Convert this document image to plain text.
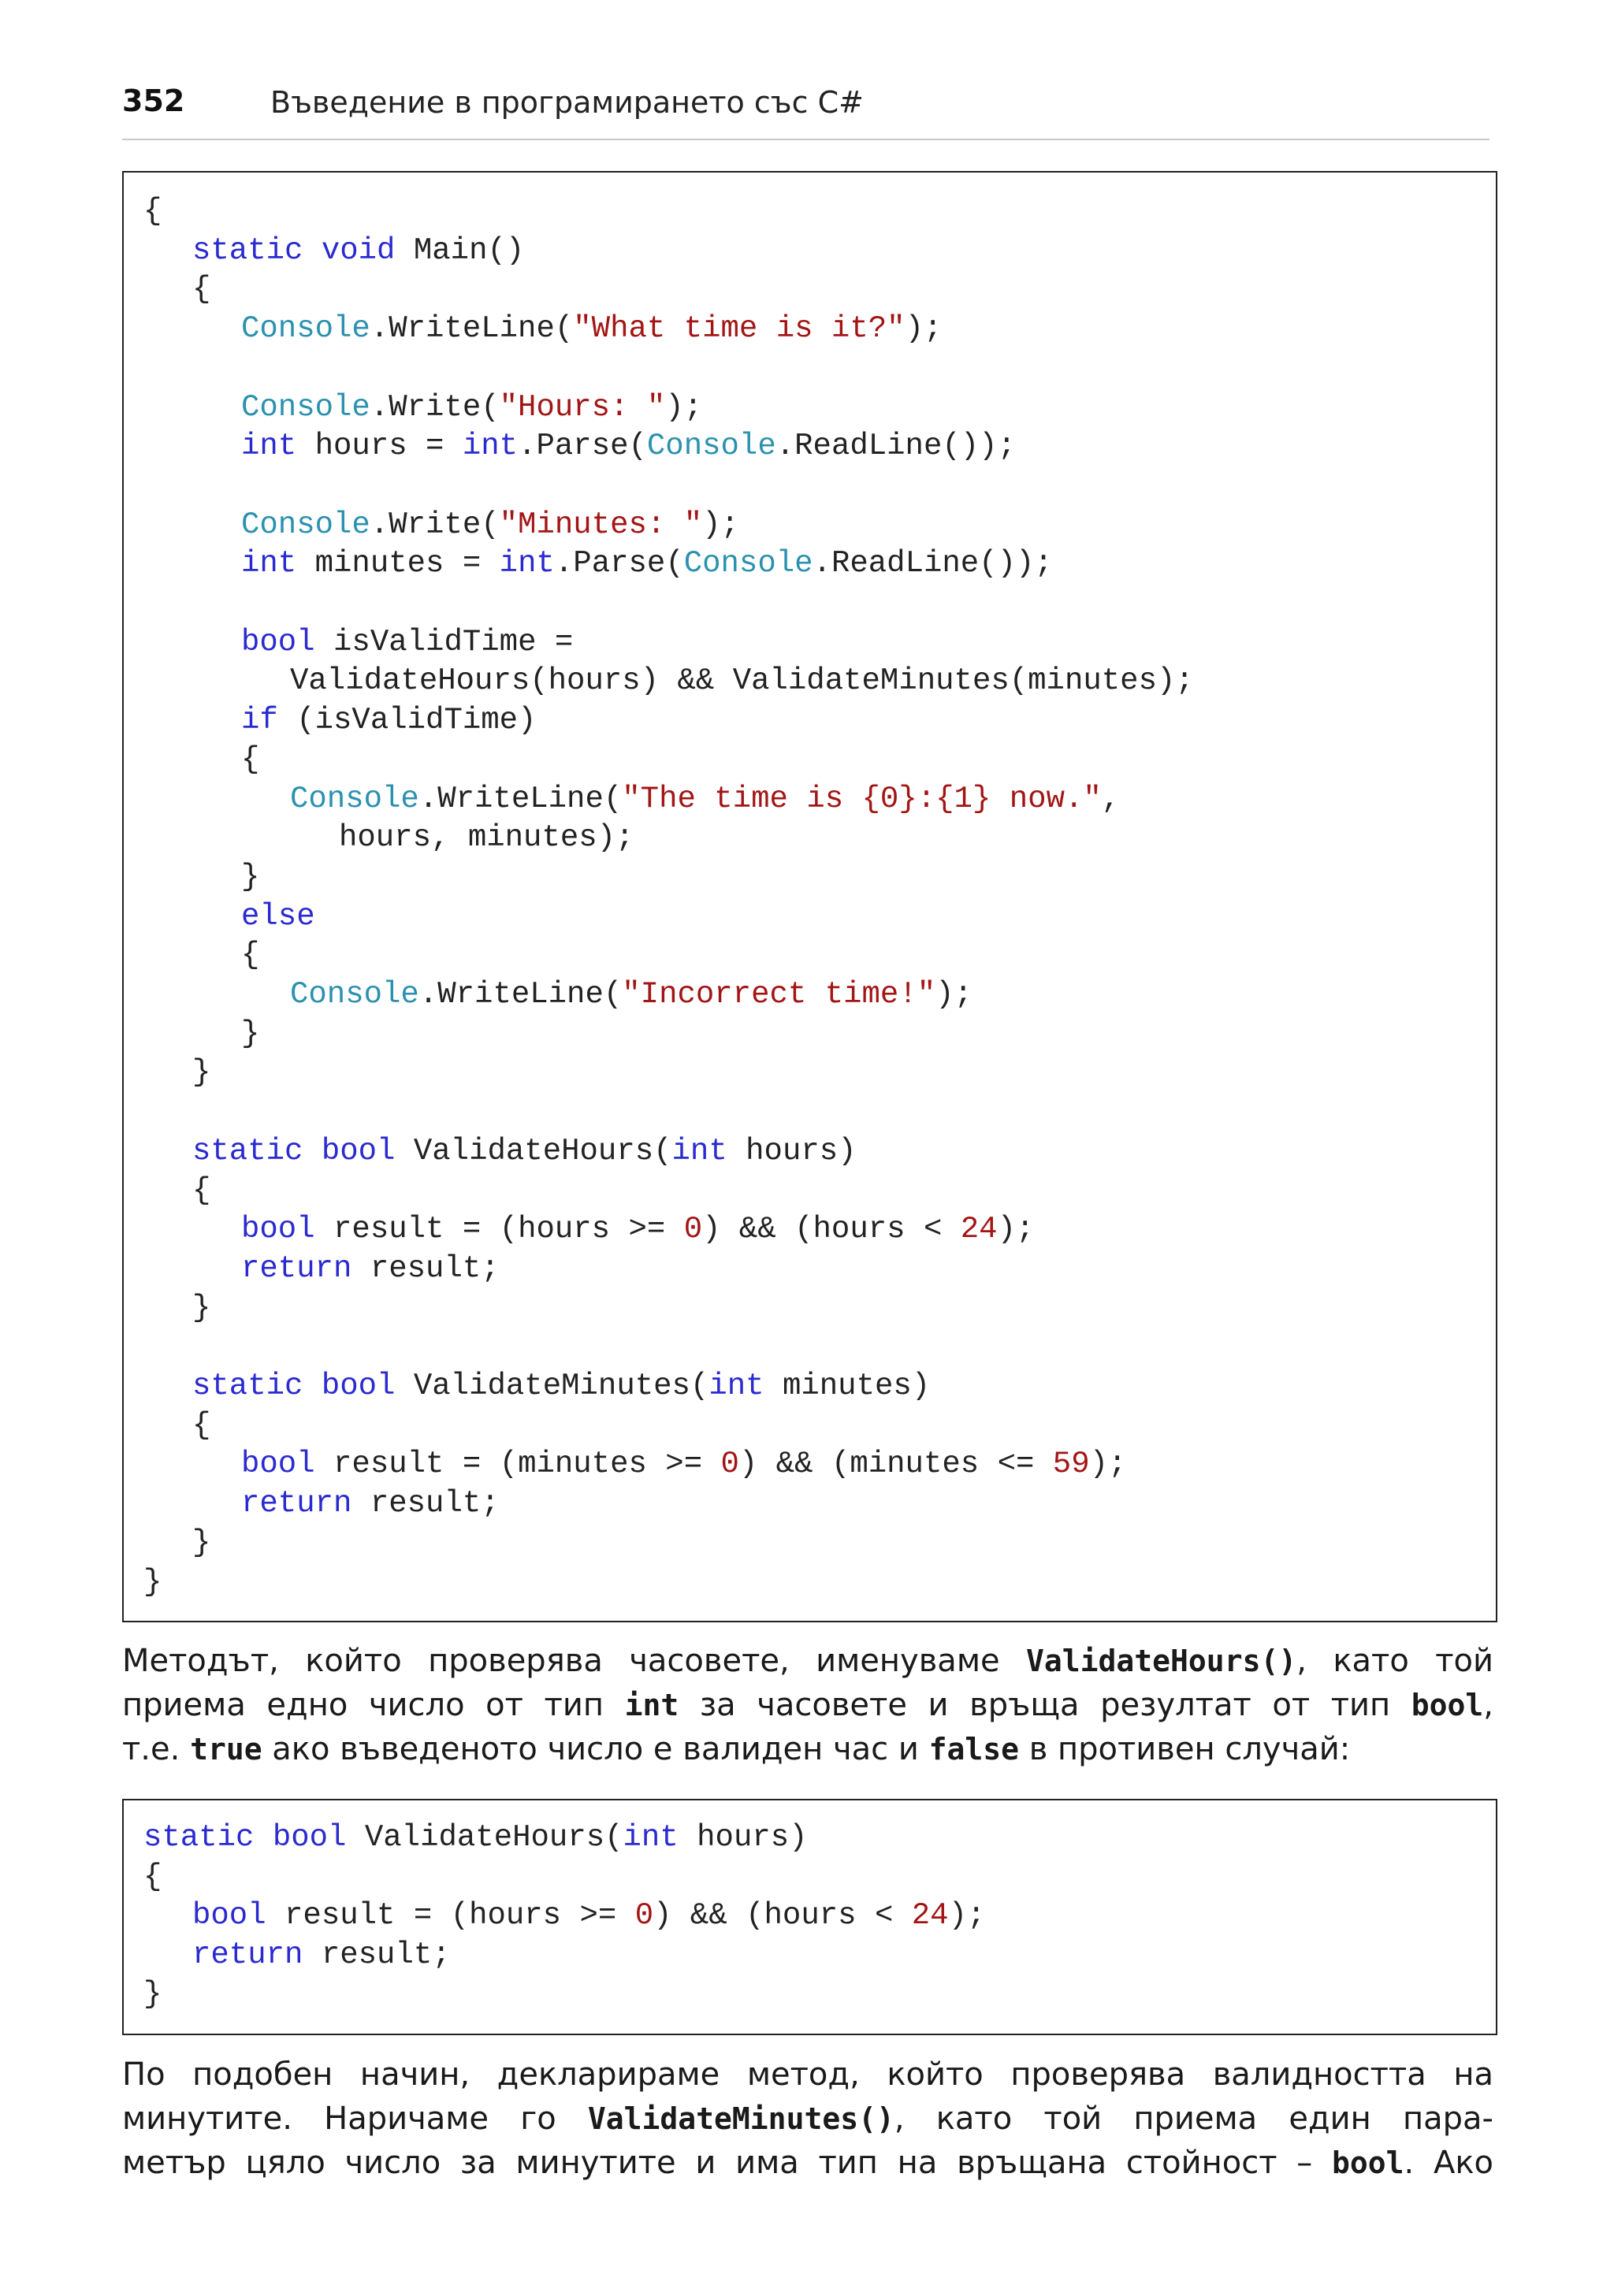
352	Въведение в програмирането със C#
{
static void Main()
{
Console.WriteLine("What time is it?");
Console.Write("Hours: ");
int hours = int.Parse(Console.ReadLine());
Console.Write("Minutes: ");
int minutes = int.Parse(Console.ReadLine());
bool isValidTime =
ValidateHours(hours) && ValidateMinutes(minutes);
if (isValidTime)
{
Console.WriteLine("The time is {0}:{1} now.",
hours, minutes);
}
else
{
Console.WriteLine("Incorrect time!");
}
}
static bool ValidateHours(int hours)
{
bool result = (hours >= 0) && (hours < 24);
return result;
}
static bool ValidateMinutes(int minutes)
{
bool result = (minutes >= 0) && (minutes <= 59);
return result;
}
}
Методът, който проверява часовете, именуваме ValidateHours(), като той
приема едно число от тип int за часовете и връща резултат от тип bool,
т.е. true ако въведеното число е валиден час и false в противен случай:
static bool ValidateHours(int hours)
{
bool result = (hours >= 0) && (hours < 24);
return result;
}
По подобен начин, декларираме метод, който проверява валидността на
минутите. Наричаме го ValidateMinutes(), като той приема един пара-
метър цяло число за минутите и има тип на връщана стойност – bool. Ако
